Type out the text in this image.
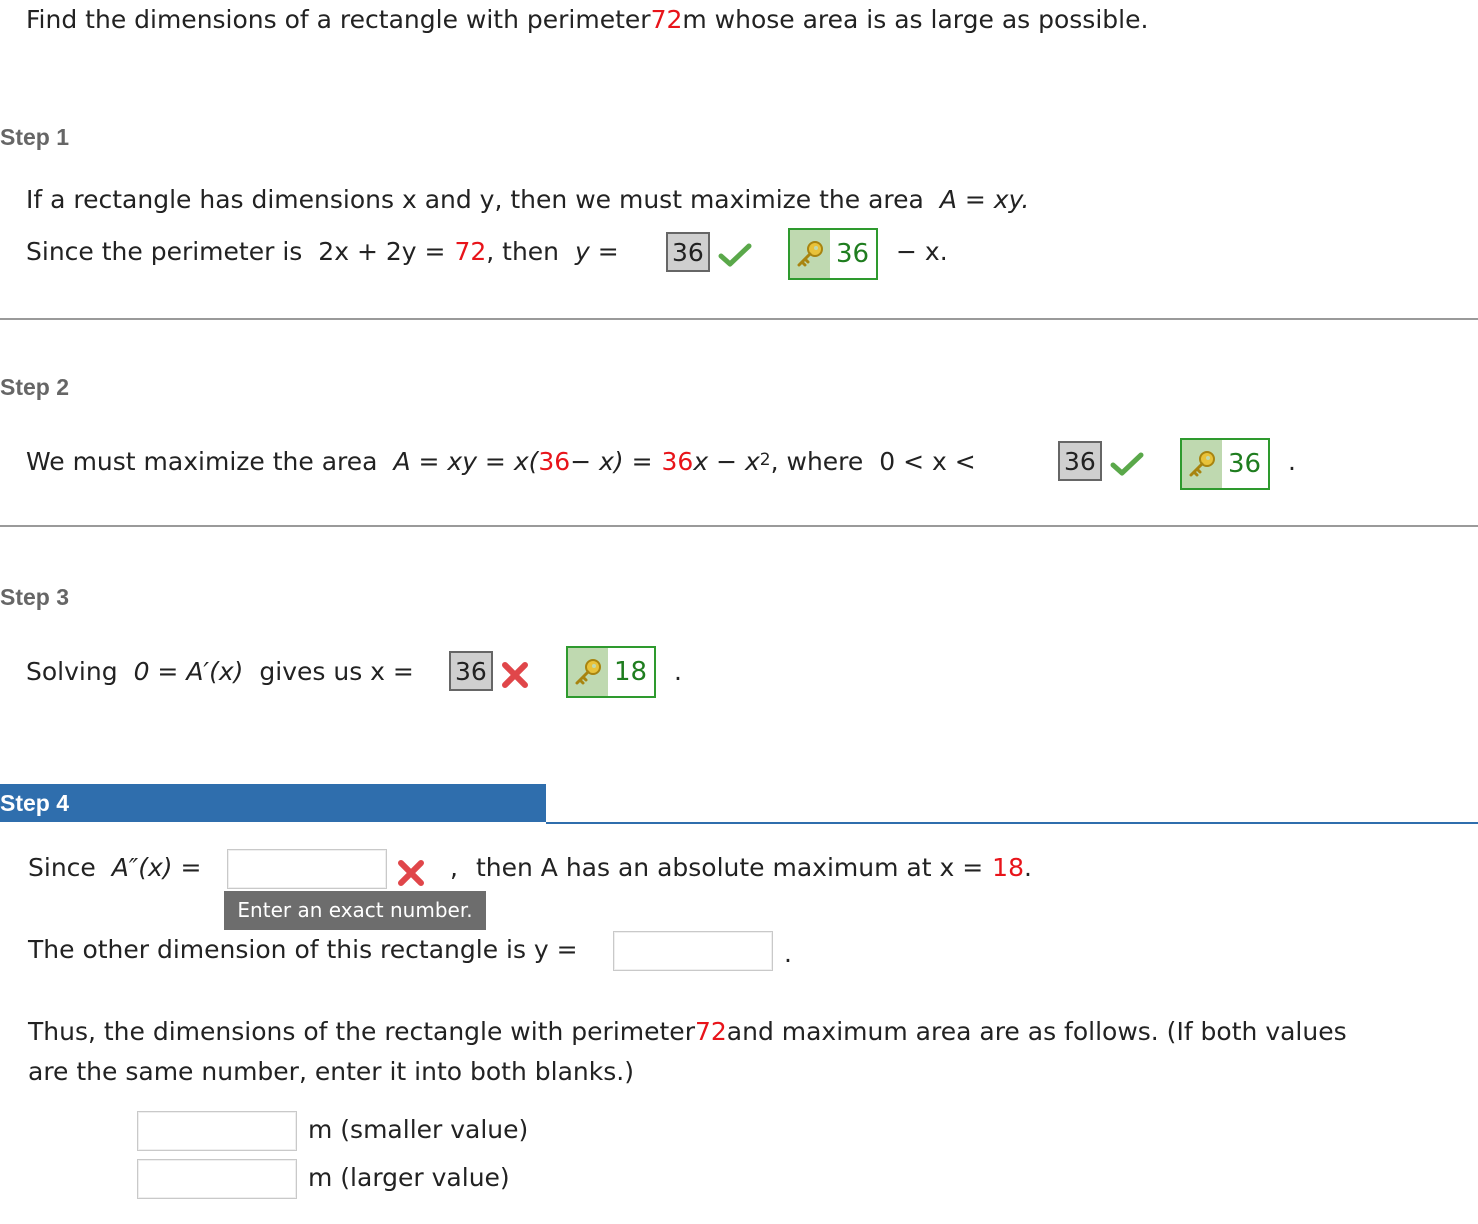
Find the dimensions of a rectangle with perimeter 72 m whose area is as large as possible.
Step 1
If a rectangle has dimensions x and y, then we must maximize the area A = xy.
Since the perimeter is 2x + 2y = 72 , then y = 36	36 − x.
Step 2
We must maximize the area A = xy = x( 36 − x) = 36 $x - x^2$ , where 0 < x <	36	36 .
Step 3
Solving 0 = A′(x) gives us x = 36	18 .
Step 4
Since A″(x) =	, then A has an absolute maximum at x = 18 .
Enter an exact number.
The other dimension of this rectangle is y =	.
Thus, the dimensions of the rectangle with perimeter 72 and maximum area are as follows. (If both values
are the same number, enter it into both blanks.)
m (smaller value)
m (larger value)
